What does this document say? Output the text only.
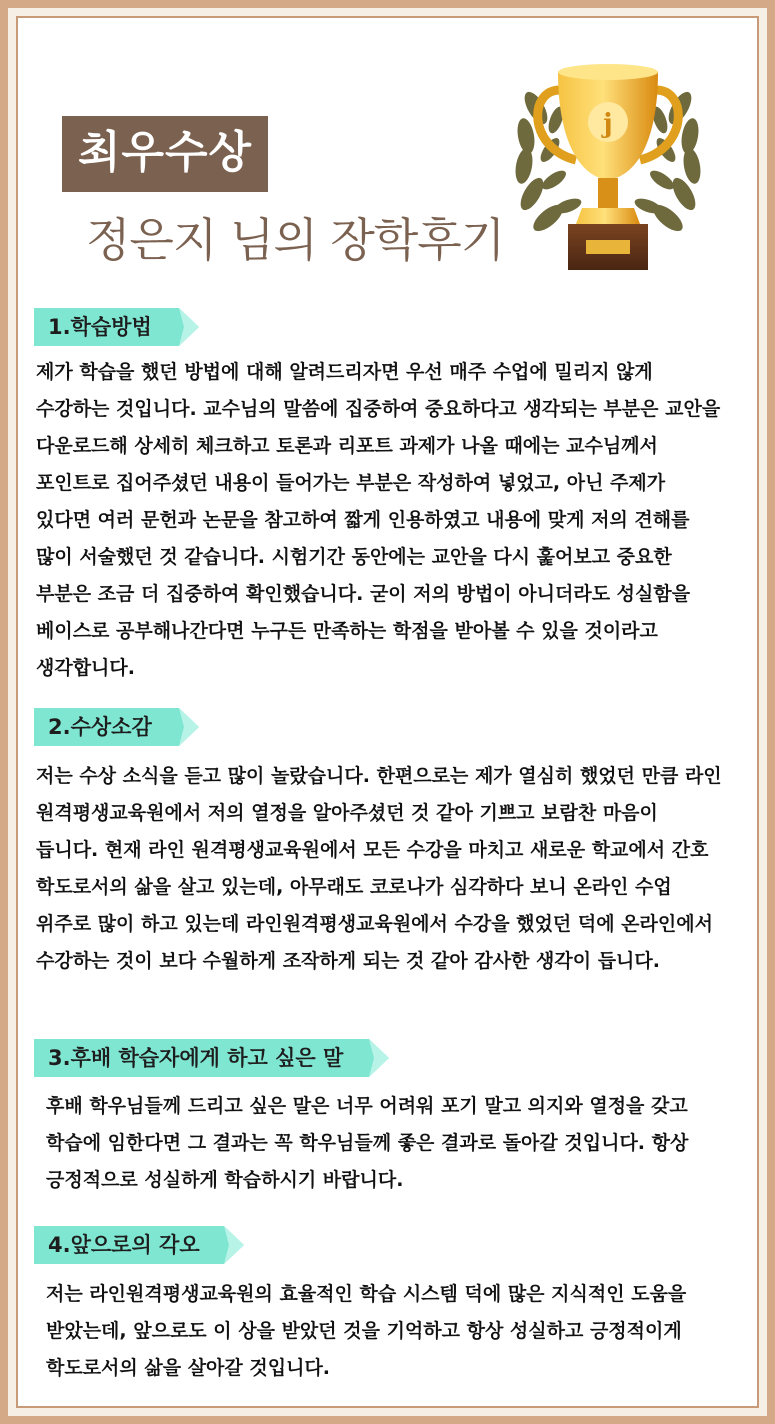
최우수상
정은지 님의 장학후기
j
1.학습방법
제가 학습을 했던 방법에 대해 알려드리자면 우선 매주 수업에 밀리지 않게 수강하는 것입니다. 교수님의 말씀에 집중하여 중요하다고 생각되는 부분은 교안을 다운로드해 상세히 체크하고 토론과 리포트 과제가 나올 때에는 교수님께서 포인트로 집어주셨던 내용이 들어가는 부분은 작성하여 넣었고, 아닌 주제가 있다면 여러 문헌과 논문을 참고하여 짧게 인용하였고 내용에 맞게 저의 견해를 많이 서술했던 것 같습니다. 시험기간 동안에는 교안을 다시 훑어보고 중요한 부분은 조금 더 집중하여 확인했습니다. 굳이 저의 방법이 아니더라도 성실함을 베이스로 공부해나간다면 누구든 만족하는 학점을 받아볼 수 있을 것이라고 생각합니다.
2.수상소감
저는 수상 소식을 듣고 많이 놀랐습니다. 한편으로는 제가 열심히 했었던 만큼 라인 원격평생교육원에서 저의 열정을 알아주셨던 것 같아 기쁘고 보람찬 마음이 듭니다. 현재 라인 원격평생교육원에서 모든 수강을 마치고 새로운 학교에서 간호 학도로서의 삶을 살고 있는데, 아무래도 코로나가 심각하다 보니 온라인 수업 위주로 많이 하고 있는데 라인원격평생교육원에서 수강을 했었던 덕에 온라인에서 수강하는 것이 보다 수월하게 조작하게 되는 것 같아 감사한 생각이 듭니다.
3.후배 학습자에게 하고 싶은 말
후배 학우님들께 드리고 싶은 말은 너무 어려워 포기 말고 의지와 열정을 갖고 학습에 임한다면 그 결과는 꼭 학우님들께 좋은 결과로 돌아갈 것입니다. 항상 긍정적으로 성실하게 학습하시기 바랍니다.
4.앞으로의 각오
저는 라인원격평생교육원의 효율적인 학습 시스템 덕에 많은 지식적인 도움을 받았는데, 앞으로도 이 상을 받았던 것을 기억하고 항상 성실하고 긍정적이게 학도로서의 삶을 살아갈 것입니다.
